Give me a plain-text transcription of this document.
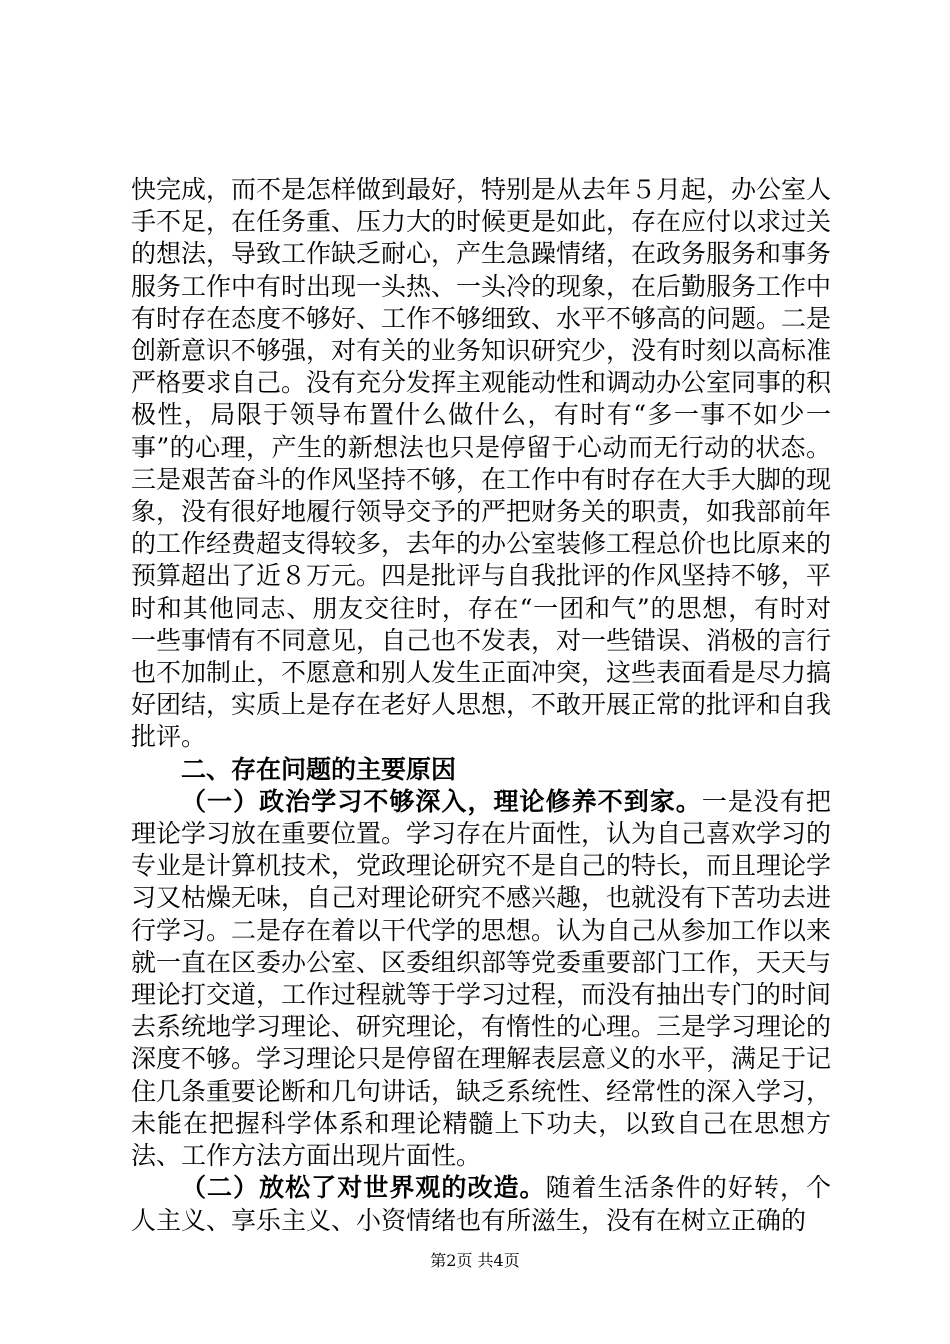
快完成，而不是怎样做到最好，特别是从去年５月起，办公室人手不足，在任务重、压力大的时候更是如此，存在应付以求过关的想法，导致工作缺乏耐心，产生急躁情绪，在政务服务和事务服务工作中有时出现一头热、一头冷的现象，在后勤服务工作中有时存在态度不够好、工作不够细致、水平不够高的问题。二是创新意识不够强，对有关的业务知识研究少，没有时刻以高标准严格要求自己。没有充分发挥主观能动性和调动办公室同事的积极性，局限于领导布置什么做什么，有时有“多一事不如少一事”的心理，产生的新想法也只是停留于心动而无行动的状态。三是艰苦奋斗的作风坚持不够，在工作中有时存在大手大脚的现象，没有很好地履行领导交予的严把财务关的职责，如我部前年的工作经费超支得较多，去年的办公室装修工程总价也比原来的预算超出了近８万元。四是批评与自我批评的作风坚持不够，平时和其他同志、朋友交往时，存在“一团和气”的思想，有时对一些事情有不同意见，自己也不发表，对一些错误、消极的言行也不加制止，不愿意和别人发生正面冲突，这些表面看是尽力搞好团结，实质上是存在老好人思想，不敢开展正常的批评和自我批评。

二、存在问题的主要原因

（一）政治学习不够深入，理论修养不到家。一是没有把理论学习放在重要位置。学习存在片面性，认为自己喜欢学习的专业是计算机技术，党政理论研究不是自己的特长，而且理论学习又枯燥无味，自己对理论研究不感兴趣，也就没有下苦功去进行学习。二是存在着以干代学的思想。认为自己从参加工作以来就一直在区委办公室、区委组织部等党委重要部门工作，天天与理论打交道，工作过程就等于学习过程，而没有抽出专门的时间去系统地学习理论、研究理论，有惰性的心理。三是学习理论的深度不够。学习理论只是停留在理解表层意义的水平，满足于记住几条重要论断和几句讲话，缺乏系统性、经常性的深入学习，未能在把握科学体系和理论精髓上下功夫，以致自己在思想方法、工作方法方面出现片面性。

（二）放松了对世界观的改造。随着生活条件的好转，个人主义、享乐主义、小资情绪也有所滋生，没有在树立正确的

第2页 共4页
